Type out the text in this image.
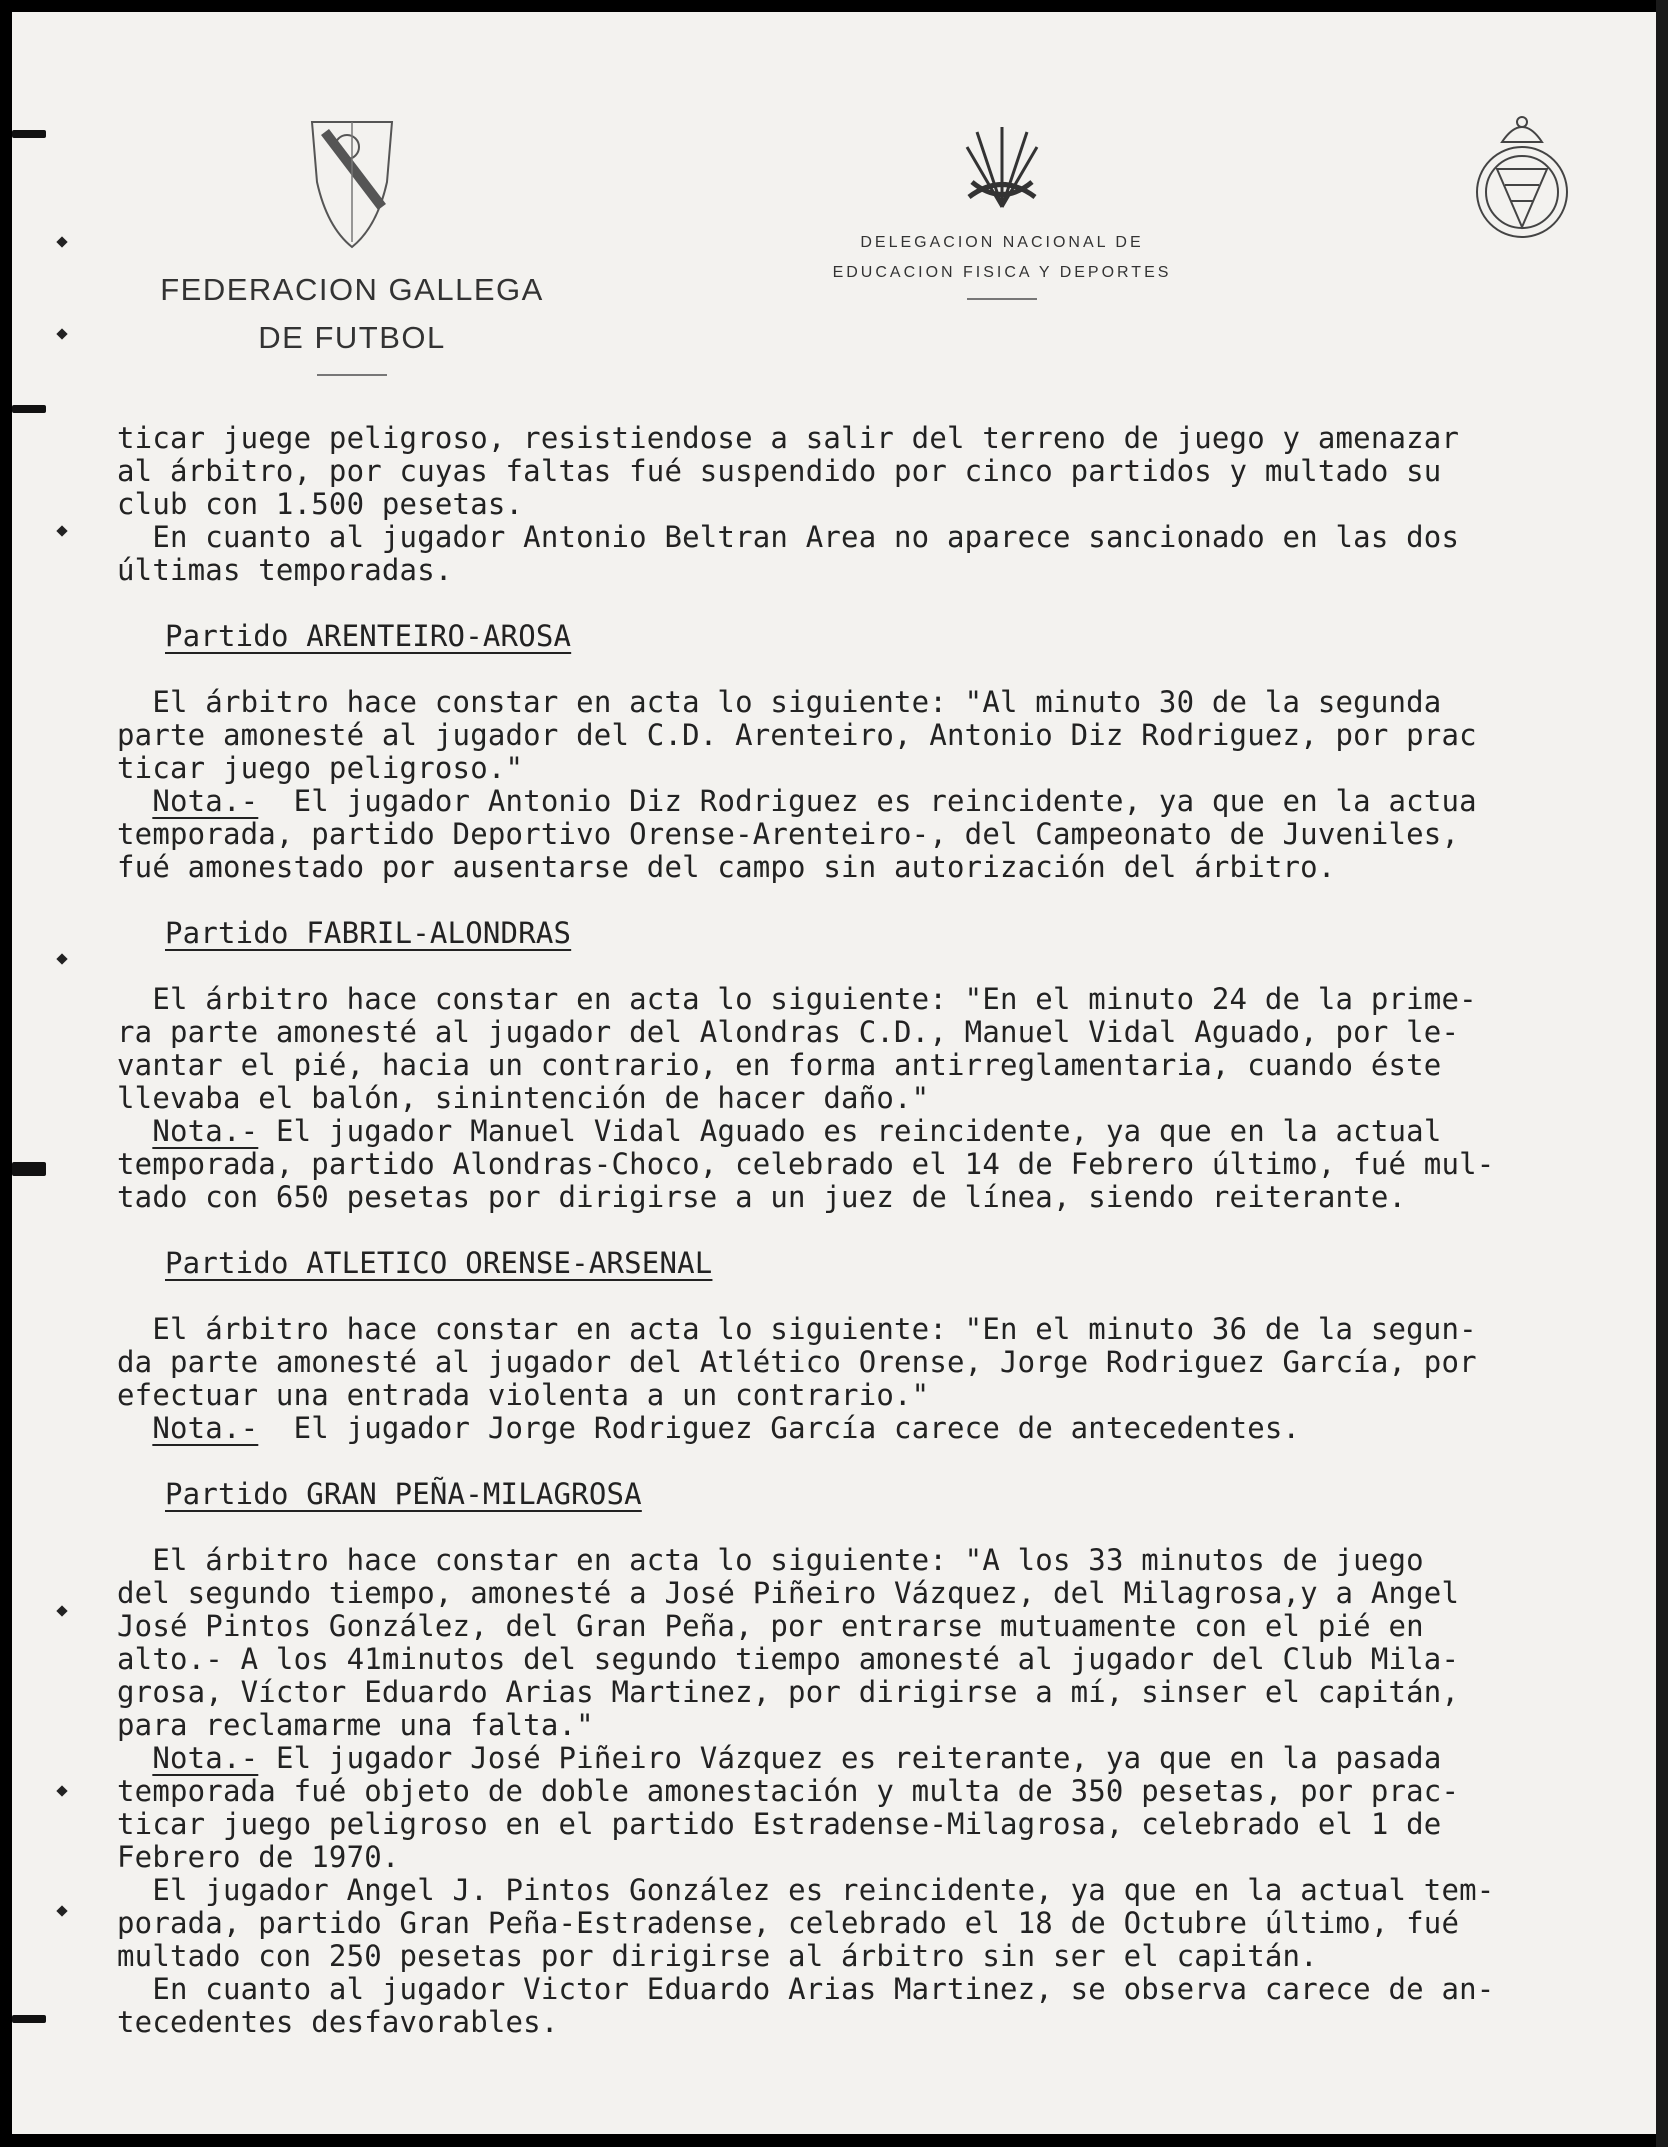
FEDERACION GALLEGA
DE FUTBOL
DELEGACION NACIONAL DE
EDUCACION FISICA Y DEPORTES

ticar juege peligroso, resistiendose a salir del terreno de juego y amenazar

al árbitro, por cuyas faltas fué suspendido por cinco partidos y multado su

club con 1.500 pesetas.

En cuanto al jugador Antonio Beltran Area no aparece sancionado en las dos

últimas temporadas.

Partido ARENTEIRO-AROSA

El árbitro hace constar en acta lo siguiente: "Al minuto 30 de la segunda

parte amonesté al jugador del C.D. Arenteiro, Antonio Diz Rodriguez, por prac

ticar juego peligroso."

Nota.-  El jugador Antonio Diz Rodriguez es reincidente, ya que en la actua

temporada, partido Deportivo Orense-Arenteiro-, del Campeonato de Juveniles,

fué amonestado por ausentarse del campo sin autorización del árbitro.

Partido FABRIL-ALONDRAS

El árbitro hace constar en acta lo siguiente: "En el minuto 24 de la prime-

ra parte amonesté al jugador del Alondras C.D., Manuel Vidal Aguado, por le-

vantar el pié, hacia un contrario, en forma antirreglamentaria, cuando éste

llevaba el balón, sinintención de hacer daño."

Nota.- El jugador Manuel Vidal Aguado es reincidente, ya que en la actual

temporada, partido Alondras-Choco, celebrado el 14 de Febrero último, fué mul-

tado con 650 pesetas por dirigirse a un juez de línea, siendo reiterante.

Partido ATLETICO ORENSE-ARSENAL

El árbitro hace constar en acta lo siguiente: "En el minuto 36 de la segun-

da parte amonesté al jugador del Atlético Orense, Jorge Rodriguez García, por

efectuar una entrada violenta a un contrario."

Nota.-  El jugador Jorge Rodriguez García carece de antecedentes.

Partido GRAN PEÑA-MILAGROSA

El árbitro hace constar en acta lo siguiente: "A los 33 minutos de juego

del segundo tiempo, amonesté a José Piñeiro Vázquez, del Milagrosa,y a Angel

José Pintos González, del Gran Peña, por entrarse mutuamente con el pié en

alto.- A los 41minutos del segundo tiempo amonesté al jugador del Club Mila-

grosa, Víctor Eduardo Arias Martinez, por dirigirse a mí, sinser el capitán,

para reclamarme una falta."

Nota.- El jugador José Piñeiro Vázquez es reiterante, ya que en la pasada

temporada fué objeto de doble amonestación y multa de 350 pesetas, por prac-

ticar juego peligroso en el partido Estradense-Milagrosa, celebrado el 1 de

Febrero de 1970.

El jugador Angel J. Pintos González es reincidente, ya que en la actual tem-

porada, partido Gran Peña-Estradense, celebrado el 18 de Octubre último, fué

multado con 250 pesetas por dirigirse al árbitro sin ser el capitán.

En cuanto al jugador Victor Eduardo Arias Martinez, se observa carece de an-

tecedentes desfavorables.
